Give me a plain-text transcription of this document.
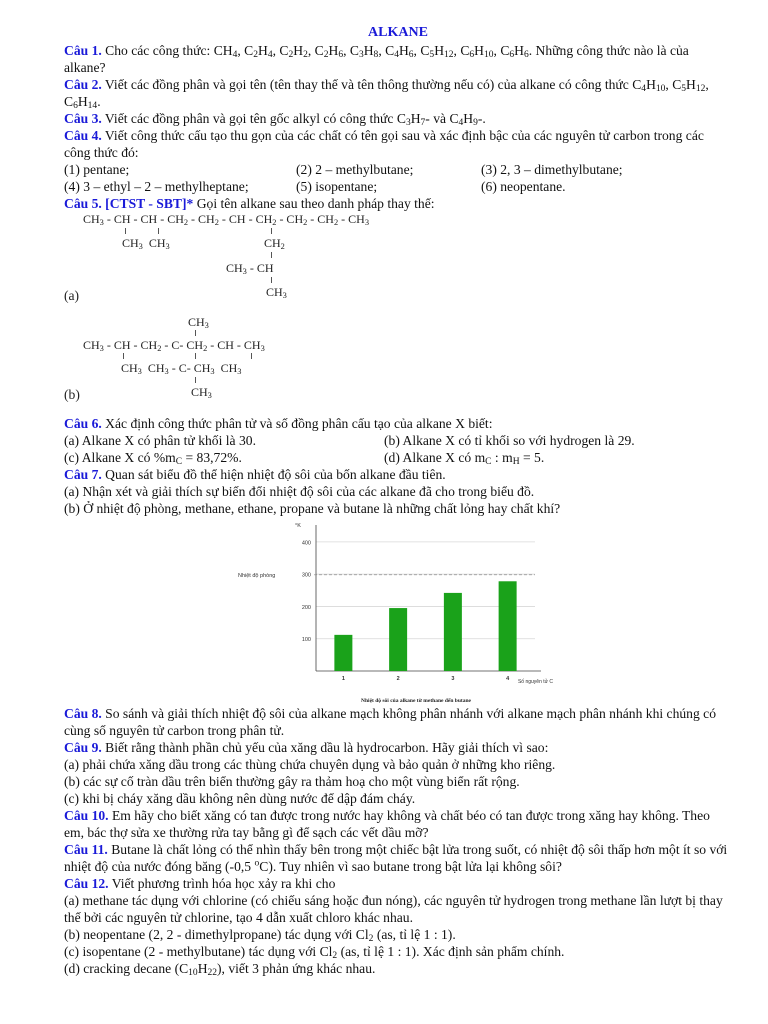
ALKANE
Câu 1. Cho các công thức: $CH_4$, $C_2H_4$, $C_2H_2$, $C_2H_6$, $C_3H_8$, $C_4H_6$, $C_5H_{12}$, $C_6H_{10}$, $C_6H_6$. Những công thức nào là của alkane?
Câu 2. Viết các đồng phân và gọi tên (tên thay thế và tên thông thường nếu có) của alkane có công thức $C_4H_{10}$, $C_5H_{12}$, $C_6H_{14}$.
Câu 3. Viết các đồng phân và gọi tên gốc alkyl có công thức $C_3H_7-$ và $C_4H_9-$.
Câu 4. Viết công thức cấu tạo thu gọn của các chất có tên gọi sau và xác định bậc của các nguyên tử carbon trong các công thức đó:
(1) pentane;	(2) 2 – methylbutane;	(3) 2, 3 – dimethylbutane;
(4) 3 – ethyl – 2 – methylheptane;	(5) isopentane;	(6) neopentane.
Câu 5. [CTST - SBT]* Gọi tên alkane sau theo danh pháp thay thế:
$CH_3$ - CH - CH - $CH_2 - CH_2$ - CH - $CH_2 - CH_2 - CH_2 - CH_3$
$CH_3$  $CH_3$	$CH_2$
$CH_3$ - CH
$CH_3$
(a)
$CH_3$
$CH_3$ - CH - $CH_2 - C-$ $CH_2$ - CH - $CH_3$
$CH_3$  $CH_3 - C-$ $CH_3$  $CH_3$
$CH_3$
(b)
Câu 6. Xác định công thức phân tử và số đồng phân cấu tạo của alkane X biết:
(a) Alkane X có phân tử khối là 30.	(b) Alkane X có tỉ khối so với hydrogen là 29.
(c) Alkane X có $\%m_C = 83,72\%$.	(d) Alkane X có $m_C$ : $m_H = 5$.
Câu 7. Quan sát biểu đồ thể hiện nhiệt độ sôi của bốn alkane đầu tiên.
(a) Nhận xét và giải thích sự biến đổi nhiệt độ sôi của các alkane đã cho trong biểu đồ.
(b) Ở nhiệt độ phòng, methane, ethane, propane và butane là những chất lỏng hay chất khí?
100
200
300
400
°K
Nhiệt độ phòng
1	2	3	4 Số nguyên tử C
Nhiệt độ sôi của alkane từ methane đến butane
Câu 8. So sánh và giải thích nhiệt độ sôi của alkane mạch không phân nhánh với alkane mạch phân nhánh khi chúng có cùng số nguyên tử carbon trong phân tử.
Câu 9. Biết rằng thành phần chủ yếu của xăng dầu là hydrocarbon. Hãy giải thích vì sao:
(a) phải chứa xăng dầu trong các thùng chứa chuyên dụng và bảo quản ở những kho riêng.
(b) các sự cố tràn dầu trên biển thường gây ra thảm hoạ cho một vùng biển rất rộng.
(c) khi bị cháy xăng dầu không nên dùng nước để dập đám cháy.
Câu 10. Em hãy cho biết xăng có tan được trong nước hay không và chất béo có tan được trong xăng hay không. Theo em, bác thợ sửa xe thường rửa tay bằng gì để sạch các vết dầu mỡ?
Câu 11. Butane là chất lỏng có thể nhìn thấy bên trong một chiếc bật lửa trong suốt, có nhiệt độ sôi thấp hơn một ít so với nhiệt độ của nước đóng băng (-0,5 $^o$C). Tuy nhiên vì sao butane trong bật lửa lại không sôi?
Câu 12. Viết phương trình hóa học xảy ra khi cho
(a) methane tác dụng với chlorine (có chiếu sáng hoặc đun nóng), các nguyên tử hydrogen trong methane lần lượt bị thay thế bởi các nguyên tử chlorine, tạo 4 dẫn xuất chloro khác nhau.
(b) neopentane (2, 2 - dimethylpropane) tác dụng với $Cl_2$ (as, tỉ lệ 1 : 1).
(c) isopentane (2 - methylbutane) tác dụng với $Cl_2$ (as, tỉ lệ 1 : 1). Xác định sản phẩm chính.
(d) cracking decane $(C_{10}H_{22})$, viết 3 phản ứng khác nhau.
